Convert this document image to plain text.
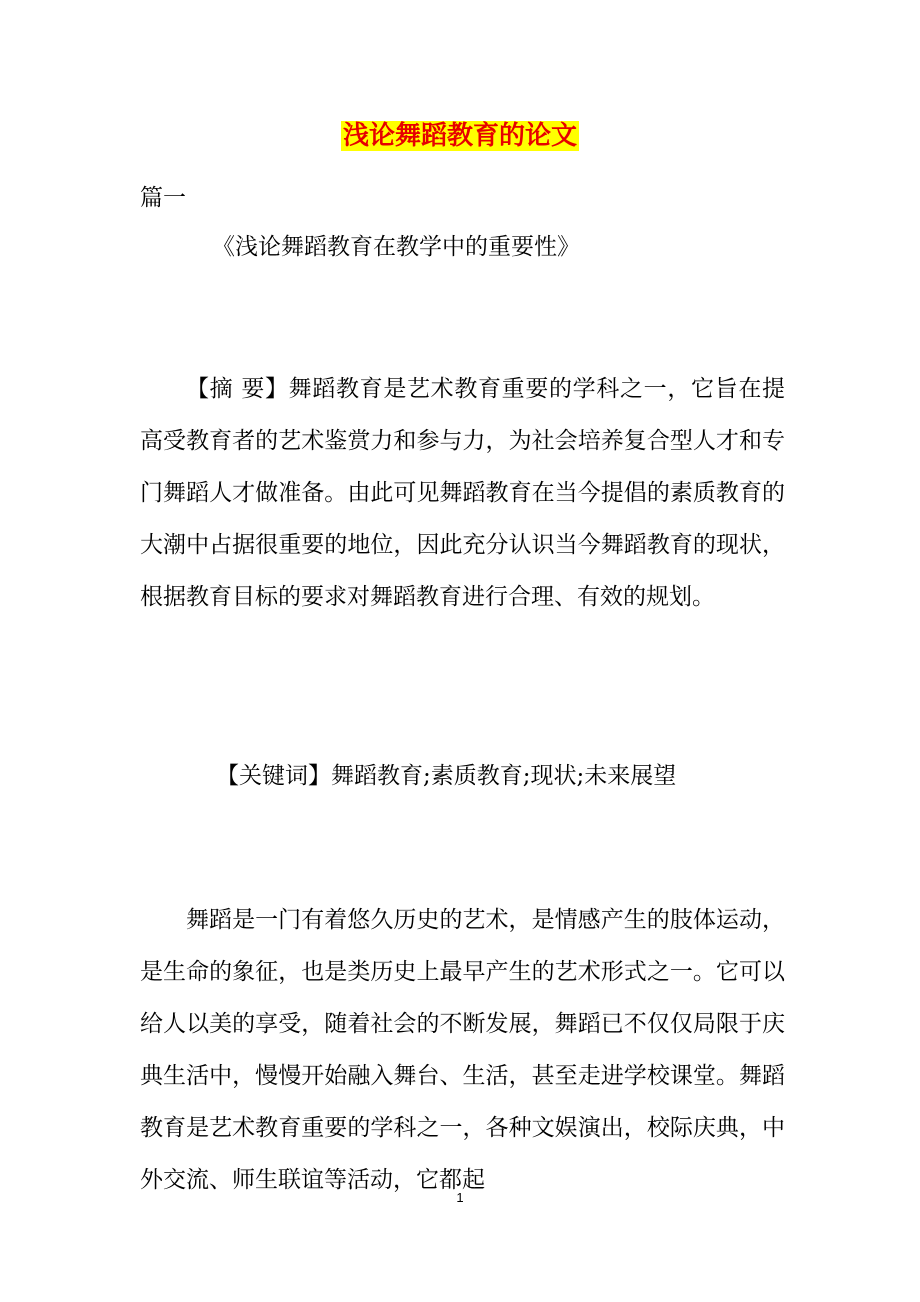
浅论舞蹈教育的论文
篇一
《浅论舞蹈教育在教学中的重要性》
【摘 要】舞蹈教育是艺术教育重要的学科之一，它旨在提高受教育者的艺术鉴赏力和参与力，为社会培养复合型人才和专门舞蹈人才做准备。由此可见舞蹈教育在当今提倡的素质教育的大潮中占据很重要的地位，因此充分认识当今舞蹈教育的现状，根据教育目标的要求对舞蹈教育进行合理、有效的规划。
【关键词】舞蹈教育;素质教育;现状;未来展望
舞蹈是一门有着悠久历史的艺术，是情感产生的肢体运动，是生命的象征，也是类历史上最早产生的艺术形式之一。它可以给人以美的享受，随着社会的不断发展，舞蹈已不仅仅局限于庆典生活中，慢慢开始融入舞台、生活，甚至走进学校课堂。舞蹈教育是艺术教育重要的学科之一，各种文娱演出，校际庆典，中外交流、师生联谊等活动，它都起
1
